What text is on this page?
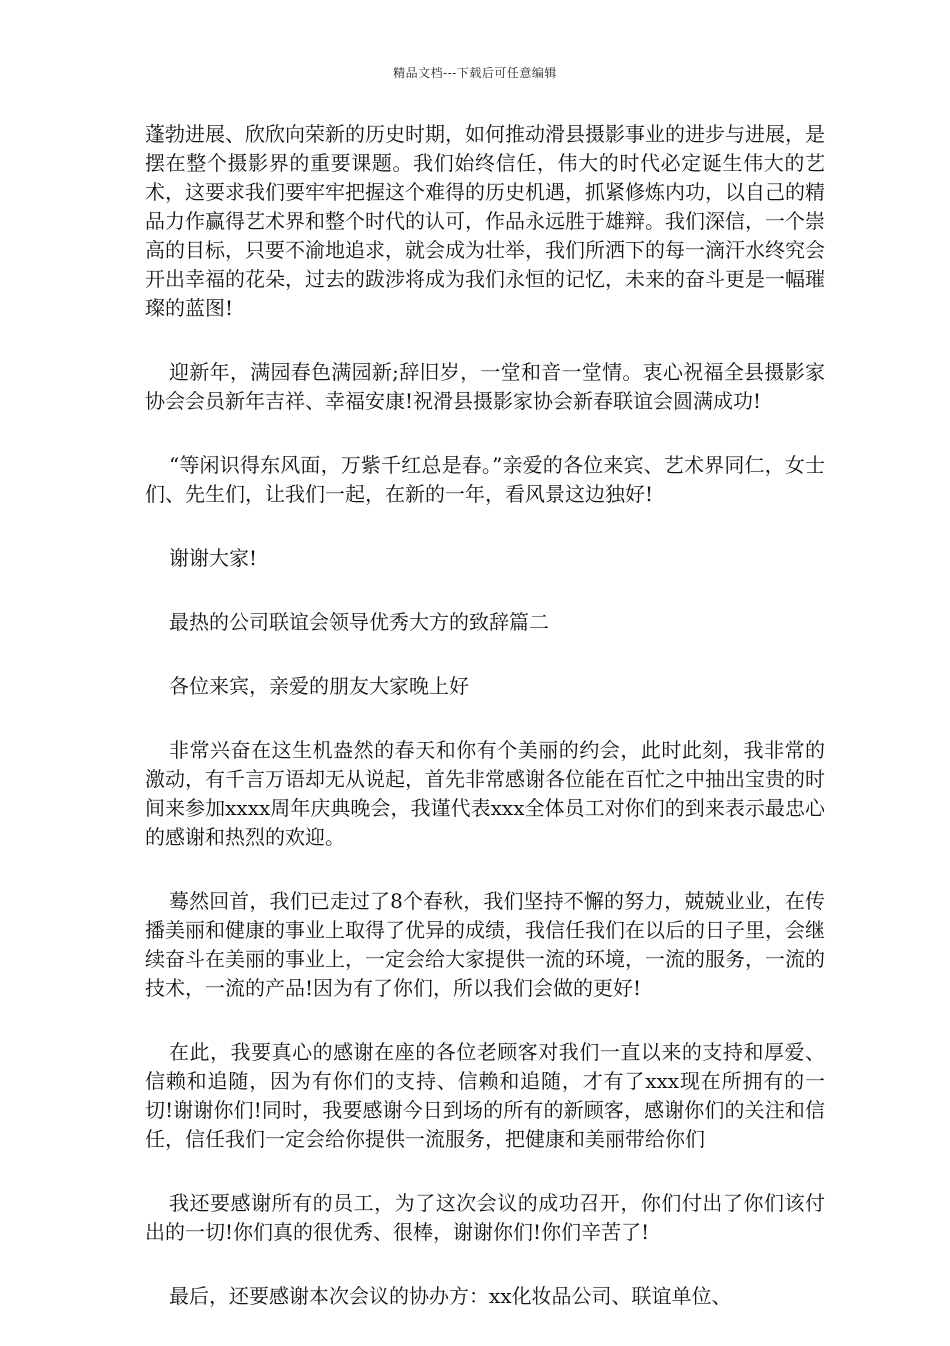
精品文档---下载后可任意编辑

蓬勃进展、欣欣向荣新的历史时期，如何推动滑县摄影事业的进步与进展，是摆在整个摄影界的重要课题。我们始终信任，伟大的时代必定诞生伟大的艺术，这要求我们要牢牢把握这个难得的历史机遇，抓紧修炼内功，以自己的精品力作赢得艺术界和整个时代的认可，作品永远胜于雄辩。我们深信，一个崇高的目标，只要不渝地追求，就会成为壮举，我们所洒下的每一滴汗水终究会开出幸福的花朵，过去的跋涉将成为我们永恒的记忆，未来的奋斗更是一幅璀璨的蓝图!

迎新年，满园春色满园新;辞旧岁，一堂和音一堂情。衷心祝福全县摄影家协会会员新年吉祥、幸福安康!祝滑县摄影家协会新春联谊会圆满成功!

“等闲识得东风面，万紫千红总是春。”亲爱的各位来宾、艺术界同仁，女士们、先生们，让我们一起，在新的一年，看风景这边独好!

谢谢大家!

最热的公司联谊会领导优秀大方的致辞篇二

各位来宾，亲爱的朋友大家晚上好

非常兴奋在这生机盎然的春天和你有个美丽的约会，此时此刻，我非常的激动，有千言万语却无从说起，首先非常感谢各位能在百忙之中抽出宝贵的时间来参加xxxx周年庆典晚会，我谨代表xxx全体员工对你们的到来表示最忠心的感谢和热烈的欢迎。

蓦然回首，我们已走过了8个春秋，我们坚持不懈的努力，兢兢业业，在传播美丽和健康的事业上取得了优异的成绩，我信任我们在以后的日子里，会继续奋斗在美丽的事业上，一定会给大家提供一流的环境，一流的服务，一流的技术，一流的产品!因为有了你们，所以我们会做的更好!

在此，我要真心的感谢在座的各位老顾客对我们一直以来的支持和厚爱、信赖和追随，因为有你们的支持、信赖和追随，才有了xxx现在所拥有的一切!谢谢你们!同时，我要感谢今日到场的所有的新顾客，感谢你们的关注和信任，信任我们一定会给你提供一流服务，把健康和美丽带给你们

我还要感谢所有的员工，为了这次会议的成功召开，你们付出了你们该付出的一切!你们真的很优秀、很棒，谢谢你们!你们辛苦了!

最后，还要感谢本次会议的协办方：xx化妆品公司、联谊单位、
